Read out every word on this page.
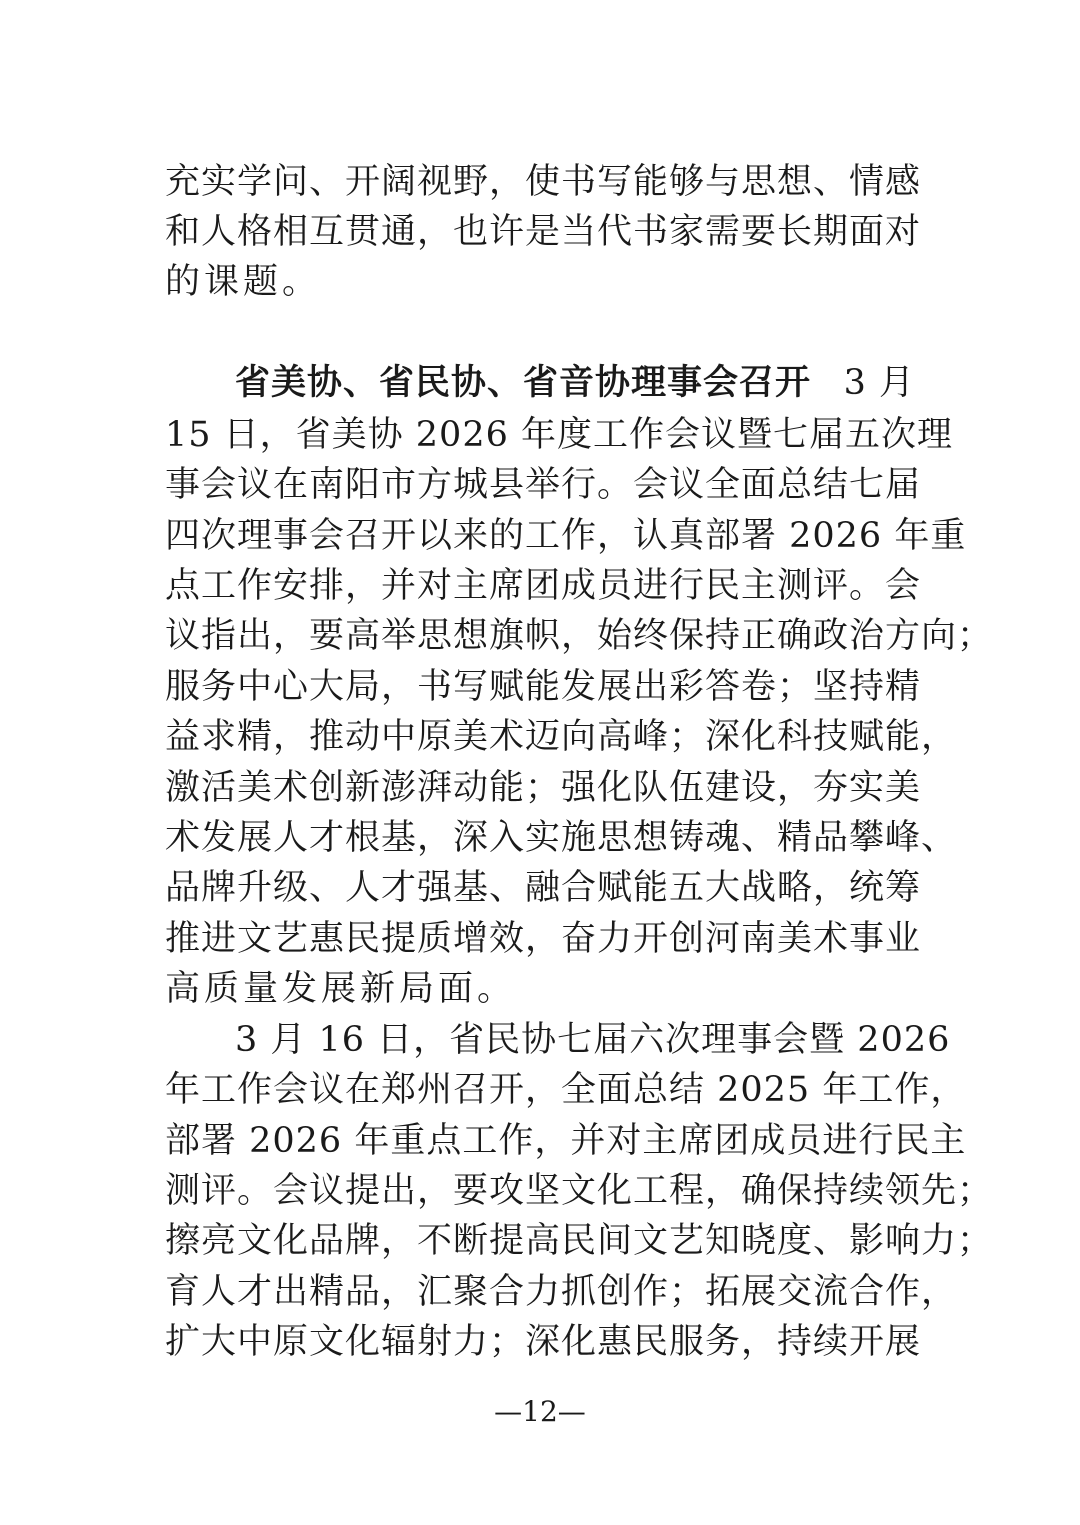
充实学问、开阔视野，使书写能够与思想、情感
和人格相互贯通，也许是当代书家需要长期面对
的课题。
省美协、省民协、省音协理事会召开 3 月
15 日，省美协 2026 年度工作会议暨七届五次理
事会议在南阳市方城县举行。会议全面总结七届
四次理事会召开以来的工作，认真部署 2026 年重
点工作安排，并对主席团成员进行民主测评。会
议指出，要高举思想旗帜，始终保持正确政治方向；
服务中心大局，书写赋能发展出彩答卷；坚持精
益求精，推动中原美术迈向高峰；深化科技赋能，
激活美术创新澎湃动能；强化队伍建设，夯实美
术发展人才根基，深入实施思想铸魂、精品攀峰、
品牌升级、人才强基、融合赋能五大战略，统筹
推进文艺惠民提质增效，奋力开创河南美术事业
高质量发展新局面。
3 月 16 日，省民协七届六次理事会暨 2026
年工作会议在郑州召开，全面总结 2025 年工作，
部署 2026 年重点工作，并对主席团成员进行民主
测评。会议提出，要攻坚文化工程，确保持续领先；
擦亮文化品牌，不断提高民间文艺知晓度、影响力；
育人才出精品，汇聚合力抓创作；拓展交流合作，
扩大中原文化辐射力；深化惠民服务，持续开展
—12—
